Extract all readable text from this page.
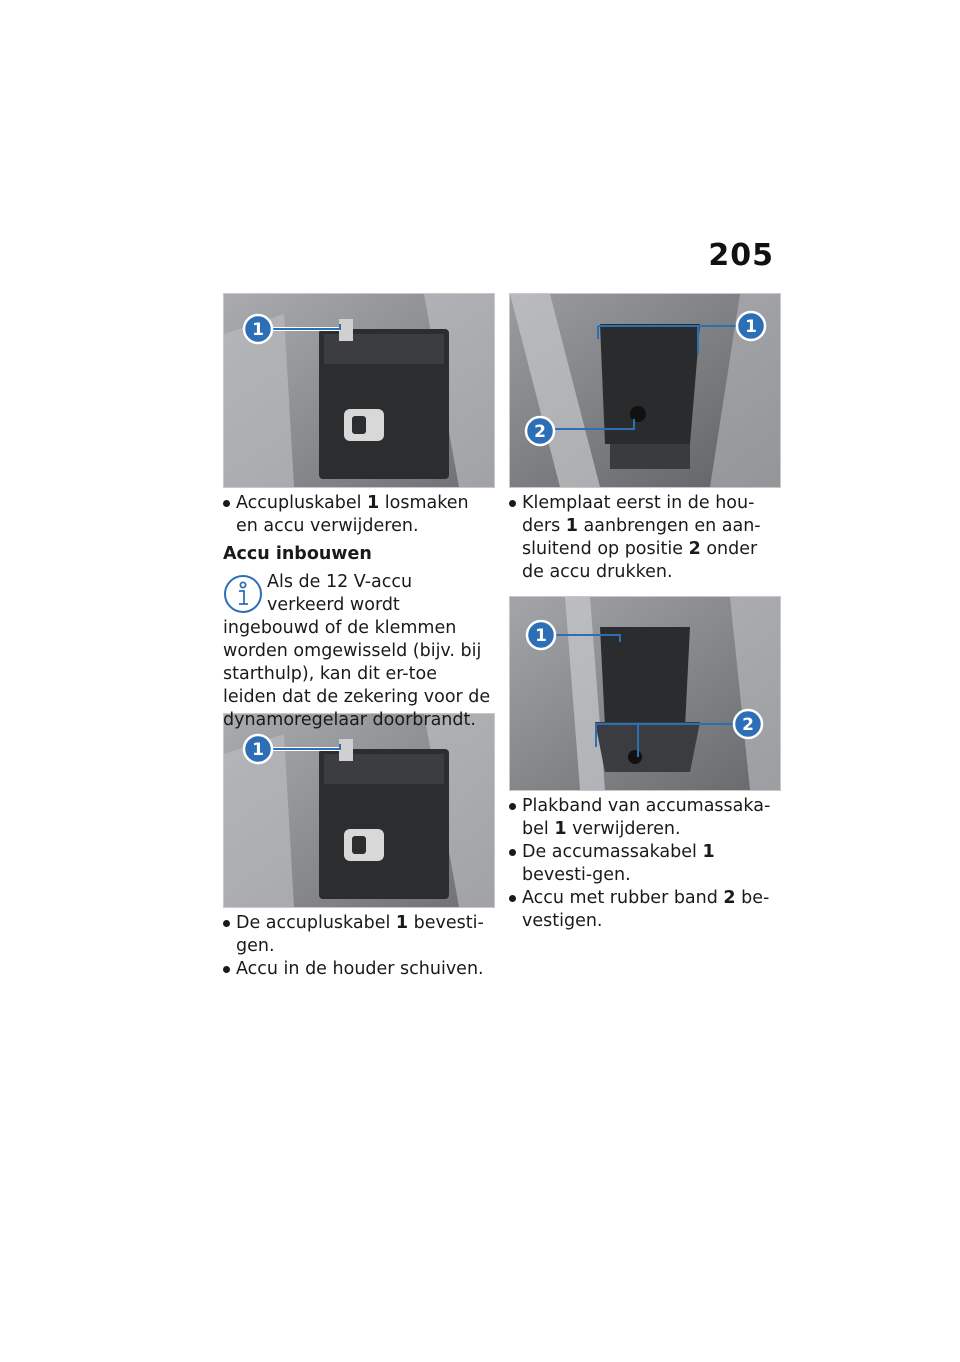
205
1	1
2
1
2
1
Accupluskabel 1 losmaken en accu verwijderen.
Accu inbouwen
Als de 12 V-accu verkeerd wordt ingebouwd of de klemmen worden omgewisseld (bijv. bij starthulp), kan dit er-toe leiden dat de zekering voor de dynamoregelaar doorbrandt.
De accupluskabel 1 bevesti-gen.
Accu in de houder schuiven.
Klemplaat eerst in de hou-ders 1 aanbrengen en aan-sluitend op positie 2 onder de accu drukken.
Plakband van accumassaka-bel 1 verwijderen.
De accumassakabel 1 bevesti-gen.
Accu met rubber band 2 be-vestigen.
